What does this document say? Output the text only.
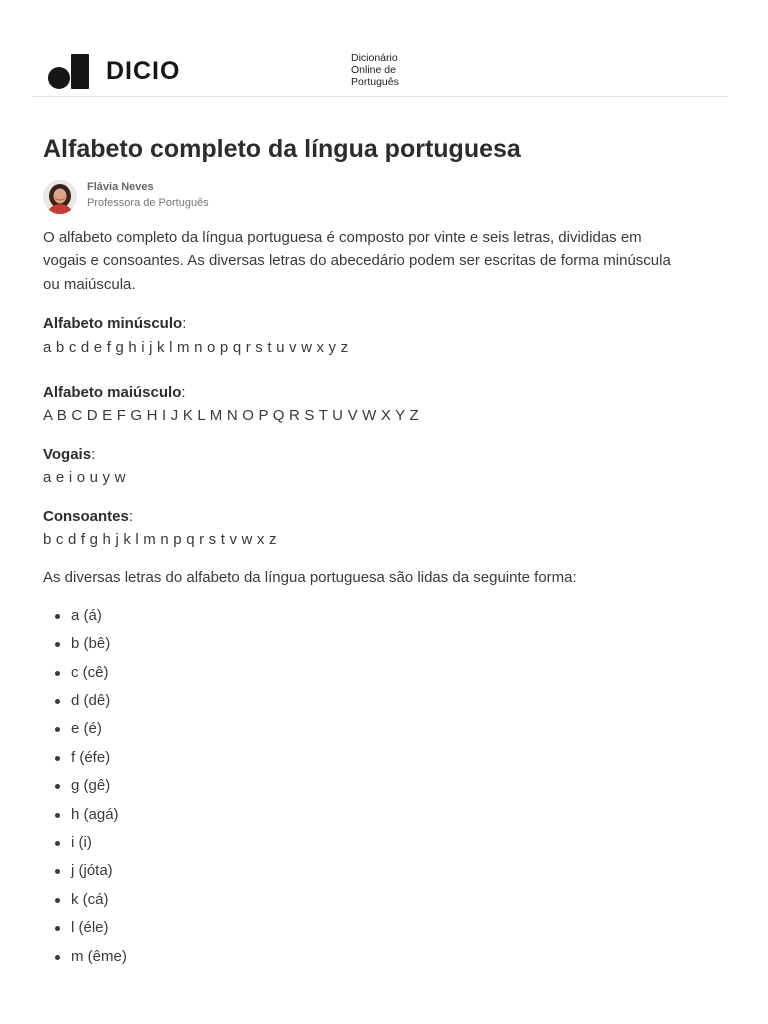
DICIO	Dicionário
Online de
Português
Alfabeto completo da língua portuguesa
Flávia Neves
Professora de Português

O alfabeto completo da língua portuguesa é composto por vinte e seis letras, divididas em vogais e consoantes. As diversas letras do abecedário podem ser escritas de forma minúscula ou maiúscula.

Alfabeto minúsculo:

a b c d e f g h i j k l m n o p q r s t u v w x y z

Alfabeto maiúsculo:

A B C D E F G H I J K L M N O P Q R S T U V W X Y Z

Vogais:

a e i o u y w

Consoantes:

b c d f g h j k l m n p q r s t v w x z

As diversas letras do alfabeto da língua portuguesa são lidas da seguinte forma:

a (á)
b (bê)
c (cê)
d (dê)
e (é)
f (éfe)
g (gê)
h (agá)
i (i)
j (jóta)
k (cá)
l (éle)
m (ême)
